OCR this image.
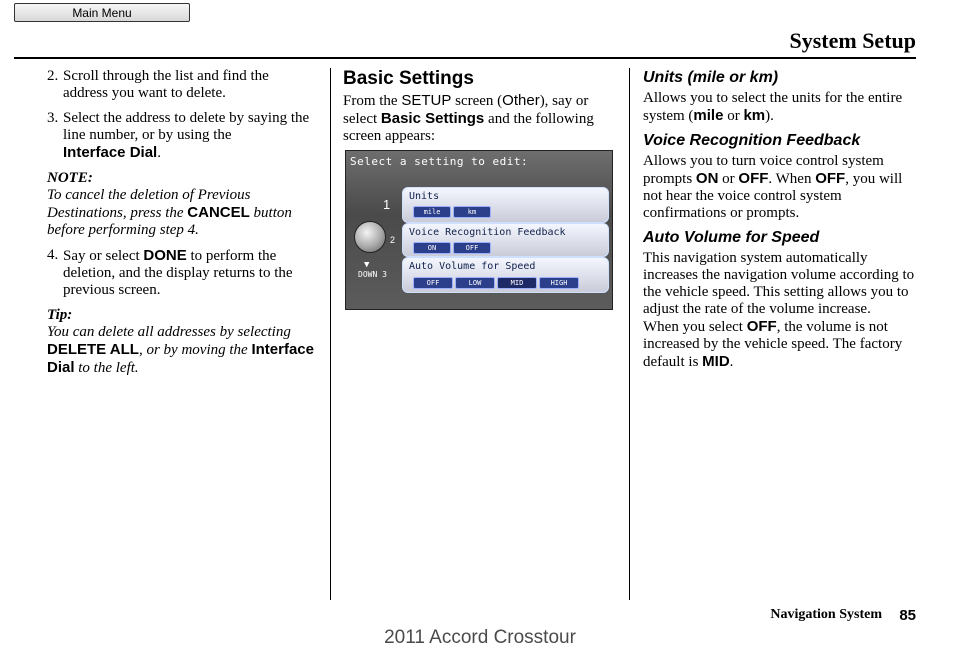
Main Menu
System Setup
2. Scroll through the list and find the address you want to delete.
3. Select the address to delete by saying the line number, or by using the
Interface Dial.

NOTE:

To cancel the deletion of Previous Destinations, press the CANCEL button before performing step 4.

4. Say or select DONE to perform the deletion, and the display returns to the previous screen.

Tip:

You can delete all addresses by selecting DELETE ALL, or by moving the Interface Dial to the left.

Basic Settings

From the SETUP screen (Other), say or select Basic Settings and the following screen appears:

Select a setting to edit:
1
2
▼
DOWN 3
Units
mile	km
Voice Recognition Feedback
ON	OFF
Auto Volume for Speed
OFF	LOW	MID	HIGH
Units (mile or km)

Allows you to select the units for the entire system (mile or km).

Voice Recognition Feedback

Allows you to turn voice control system prompts ON or OFF. When OFF, you will not hear the voice control system confirmations or prompts.

Auto Volume for Speed

This navigation system automatically increases the navigation volume according to the vehicle speed. This setting allows you to adjust the rate of the volume increase.

When you select OFF, the volume is not increased by the vehicle speed. The factory default is MID.

Navigation System 85
2011 Accord Crosstour
